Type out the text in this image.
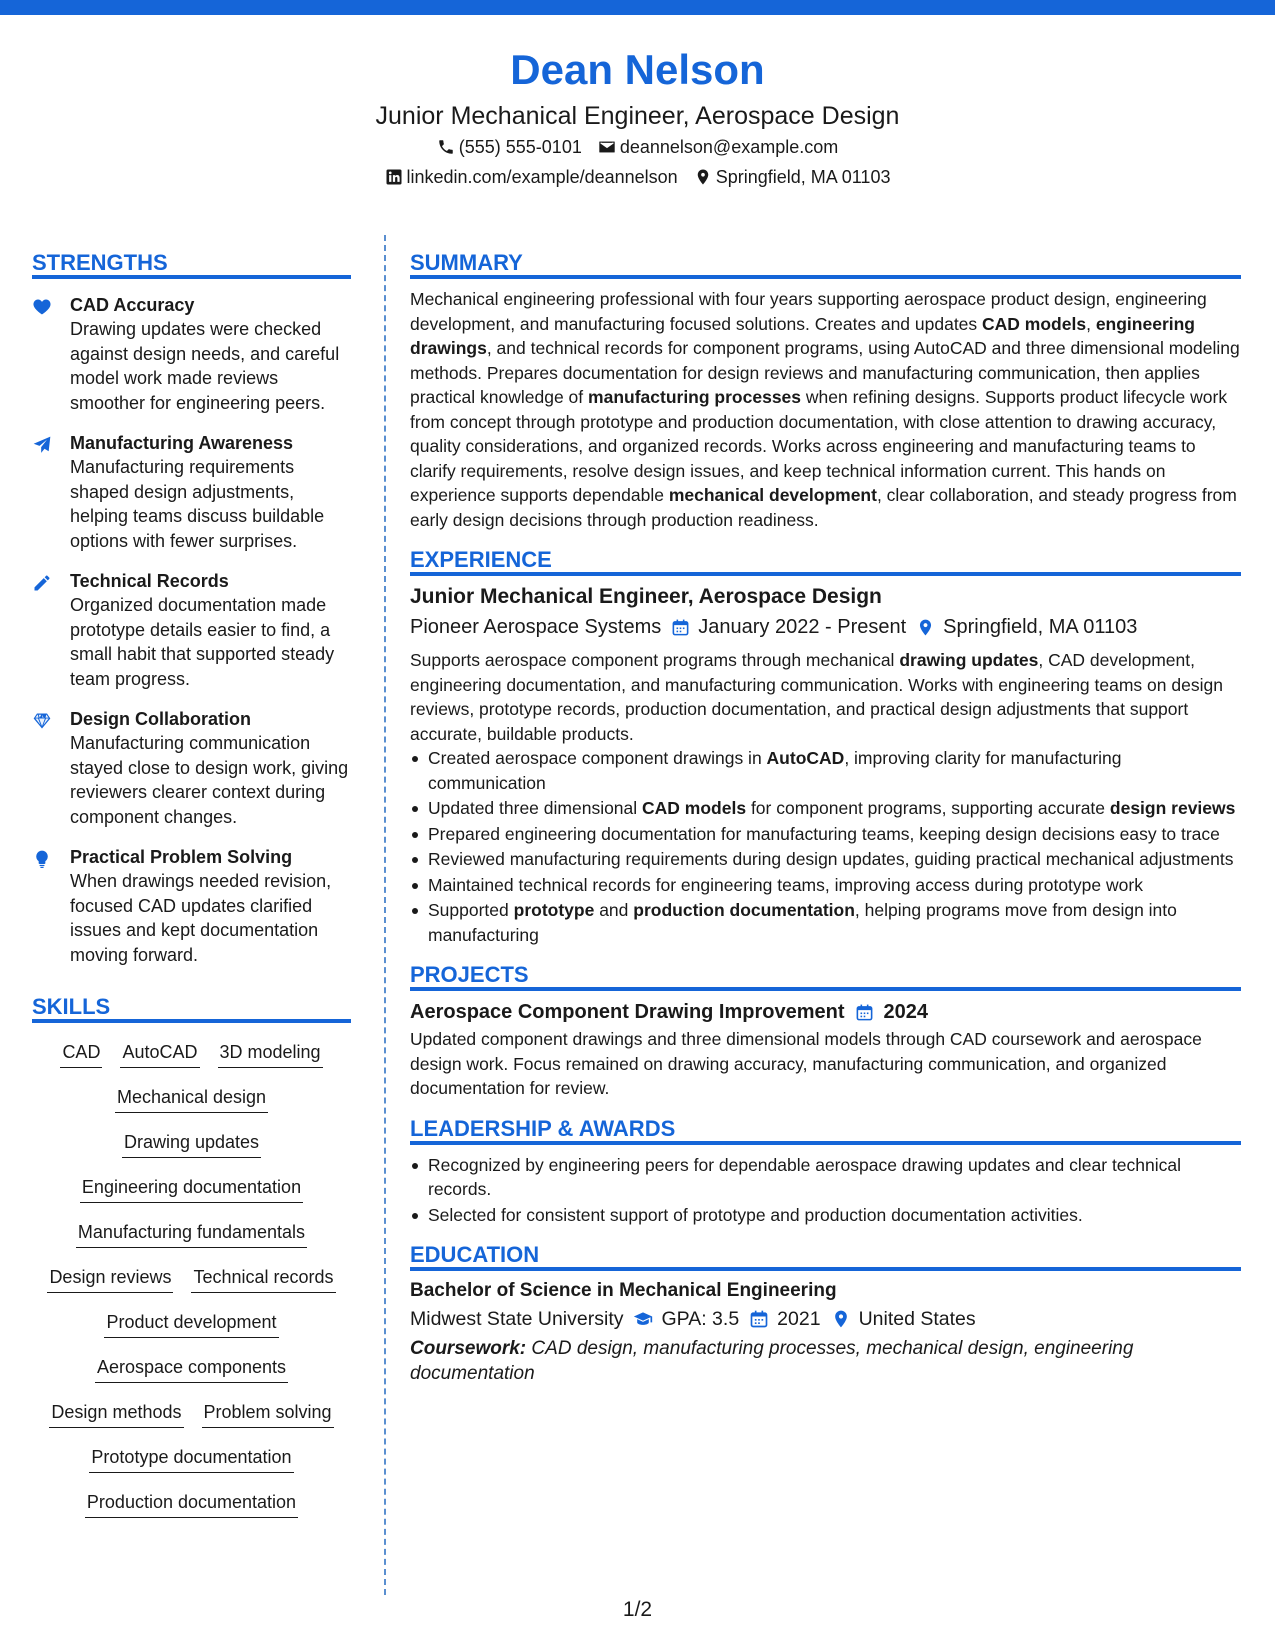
Dean Nelson
Junior Mechanical Engineer, Aerospace Design
(555) 555-0101 deannelson@example.com
linkedin.com/example/deannelson Springfield, MA 01103
STRENGTHS
CAD Accuracy
Drawing updates were checked against design needs, and careful model work made reviews smoother for engineering peers.
Manufacturing Awareness
Manufacturing requirements shaped design adjustments, helping teams discuss buildable options with fewer surprises.
Technical Records
Organized documentation made prototype details easier to find, a small habit that supported steady team progress.
Design Collaboration
Manufacturing communication stayed close to design work, giving reviewers clearer context during component changes.
Practical Problem Solving
When drawings needed revision, focused CAD updates clarified issues and kept documentation moving forward.
SKILLS
CAD AutoCAD 3D modeling
Mechanical design
Drawing updates
Engineering documentation
Manufacturing fundamentals
Design reviews Technical records
Product development
Aerospace components
Design methods Problem solving
Prototype documentation
Production documentation
SUMMARY
Mechanical engineering professional with four years supporting aerospace product design, engineering development, and manufacturing focused solutions. Creates and updates CAD models, engineering drawings, and technical records for component programs, using AutoCAD and three dimensional modeling methods. Prepares documentation for design reviews and manufacturing communication, then applies practical knowledge of manufacturing processes when refining designs. Supports product lifecycle work from concept through prototype and production documentation, with close attention to drawing accuracy, quality considerations, and organized records. Works across engineering and manufacturing teams to clarify requirements, resolve design issues, and keep technical information current. This hands on experience supports dependable mechanical development, clear collaboration, and steady progress from early design decisions through production readiness.
EXPERIENCE
Junior Mechanical Engineer, Aerospace Design
Pioneer Aerospace Systems January 2022 - Present Springfield, MA 01103
Supports aerospace component programs through mechanical drawing updates, CAD development, engineering documentation, and manufacturing communication. Works with engineering teams on design reviews, prototype records, production documentation, and practical design adjustments that support accurate, buildable products.
Created aerospace component drawings in AutoCAD, improving clarity for manufacturing communication
Updated three dimensional CAD models for component programs, supporting accurate design reviews
Prepared engineering documentation for manufacturing teams, keeping design decisions easy to trace
Reviewed manufacturing requirements during design updates, guiding practical mechanical adjustments
Maintained technical records for engineering teams, improving access during prototype work
Supported prototype and production documentation, helping programs move from design into manufacturing
PROJECTS
Aerospace Component Drawing Improvement 2024
Updated component drawings and three dimensional models through CAD coursework and aerospace design work. Focus remained on drawing accuracy, manufacturing communication, and organized documentation for review.
LEADERSHIP & AWARDS
Recognized by engineering peers for dependable aerospace drawing updates and clear technical records.
Selected for consistent support of prototype and production documentation activities.
EDUCATION
Bachelor of Science in Mechanical Engineering
Midwest State University GPA: 3.5 2021 United States
Coursework: CAD design, manufacturing processes, mechanical design, engineering documentation
1/2
